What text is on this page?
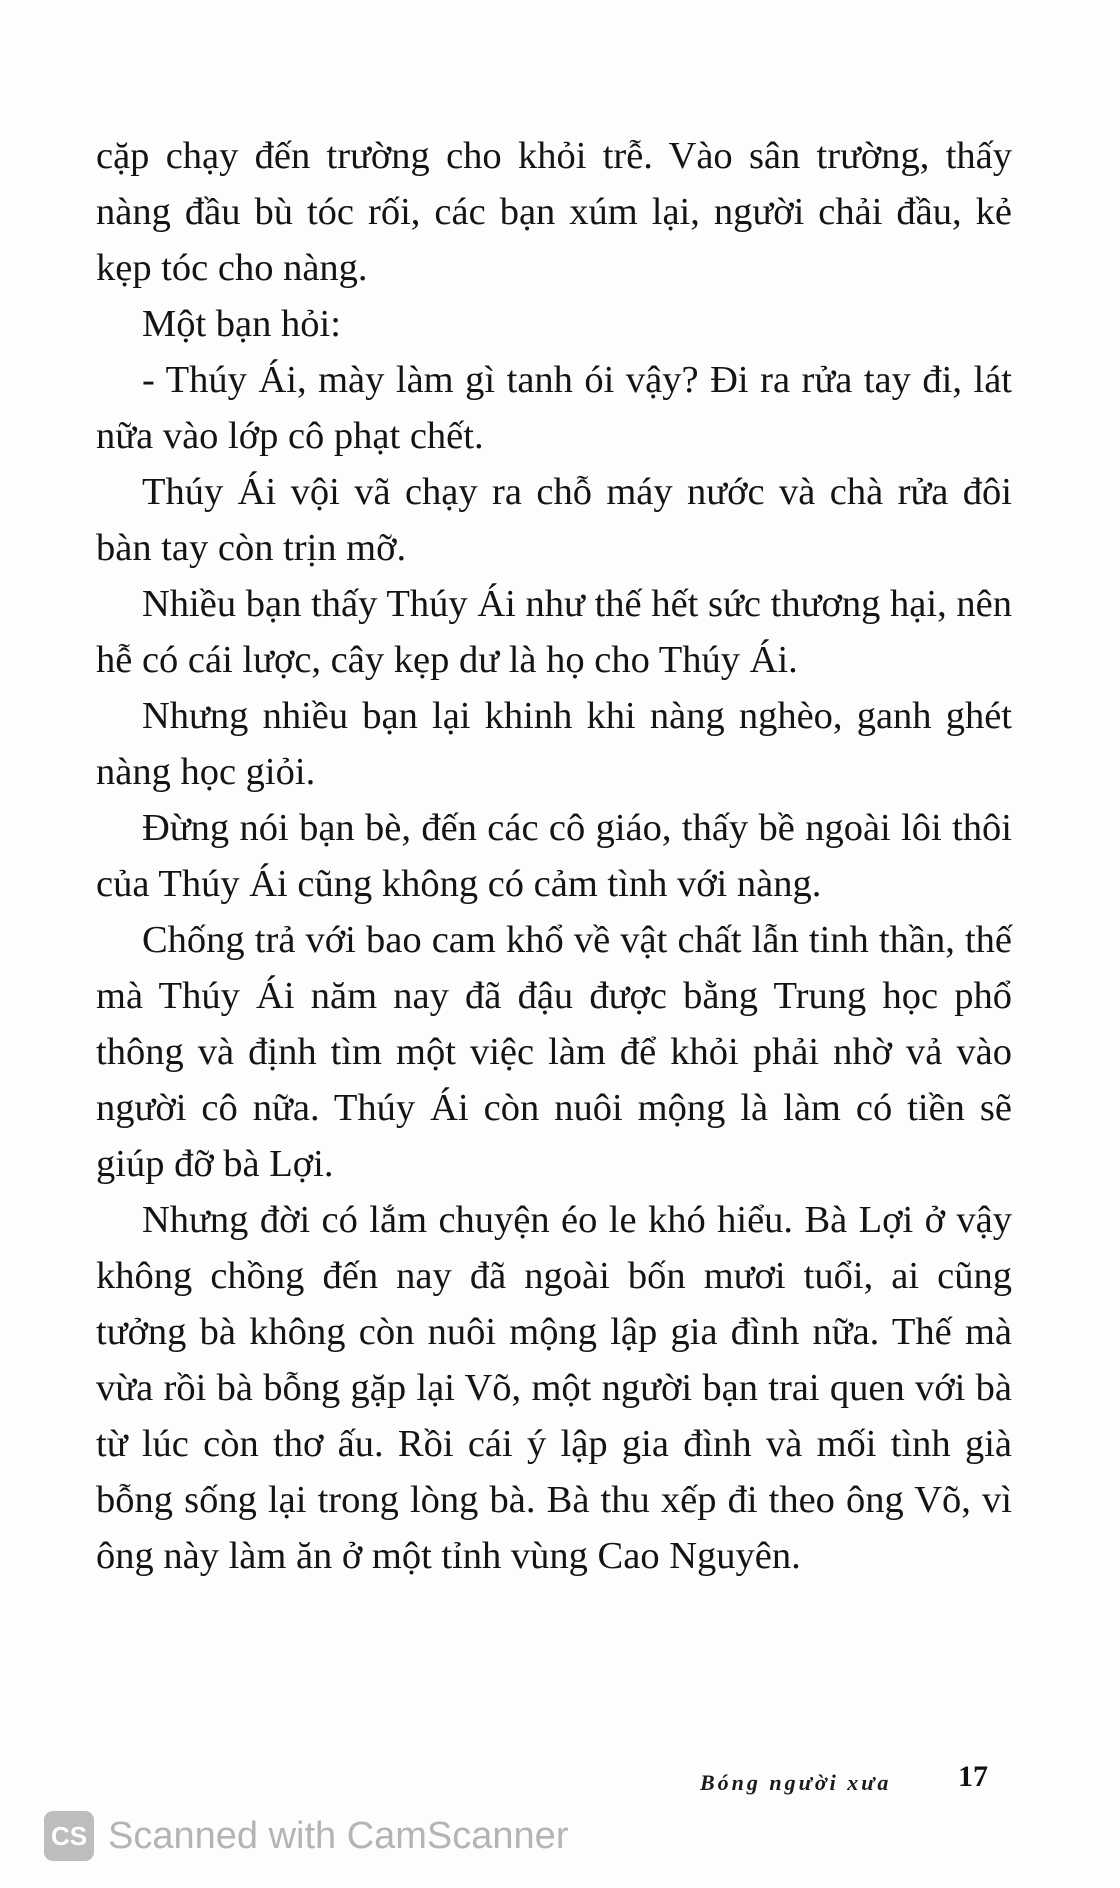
cặp chạy đến trường cho khỏi trễ. Vào sân trường, thấy nàng đầu bù tóc rối, các bạn xúm lại, người chải đầu, kẻ kẹp tóc cho nàng.

Một bạn hỏi:

- Thúy Ái, mày làm gì tanh ói vậy? Đi ra rửa tay đi, lát nữa vào lớp cô phạt chết.

Thúy Ái vội vã chạy ra chỗ máy nước và chà rửa đôi bàn tay còn trịn mỡ.

Nhiều bạn thấy Thúy Ái như thế hết sức thương hại, nên hễ có cái lược, cây kẹp dư là họ cho Thúy Ái.

Nhưng nhiều bạn lại khinh khi nàng nghèo, ganh ghét nàng học giỏi.

Đừng nói bạn bè, đến các cô giáo, thấy bề ngoài lôi thôi của Thúy Ái cũng không có cảm tình với nàng.

Chống trả với bao cam khổ về vật chất lẫn tinh thần, thế mà Thúy Ái năm nay đã đậu được bằng Trung học phổ thông và định tìm một việc làm để khỏi phải nhờ vả vào người cô nữa. Thúy Ái còn nuôi mộng là làm có tiền sẽ giúp đỡ bà Lợi.

Nhưng đời có lắm chuyện éo le khó hiểu. Bà Lợi ở vậy không chồng đến nay đã ngoài bốn mươi tuổi, ai cũng tưởng bà không còn nuôi mộng lập gia đình nữa. Thế mà vừa rồi bà bỗng gặp lại Võ, một người bạn trai quen với bà từ lúc còn thơ ấu. Rồi cái ý lập gia đình và mối tình già bỗng sống lại trong lòng bà. Bà thu xếp đi theo ông Võ, vì ông này làm ăn ở một tỉnh vùng Cao Nguyên.

Bóng người xưa 17
CS Scanned with CamScanner
